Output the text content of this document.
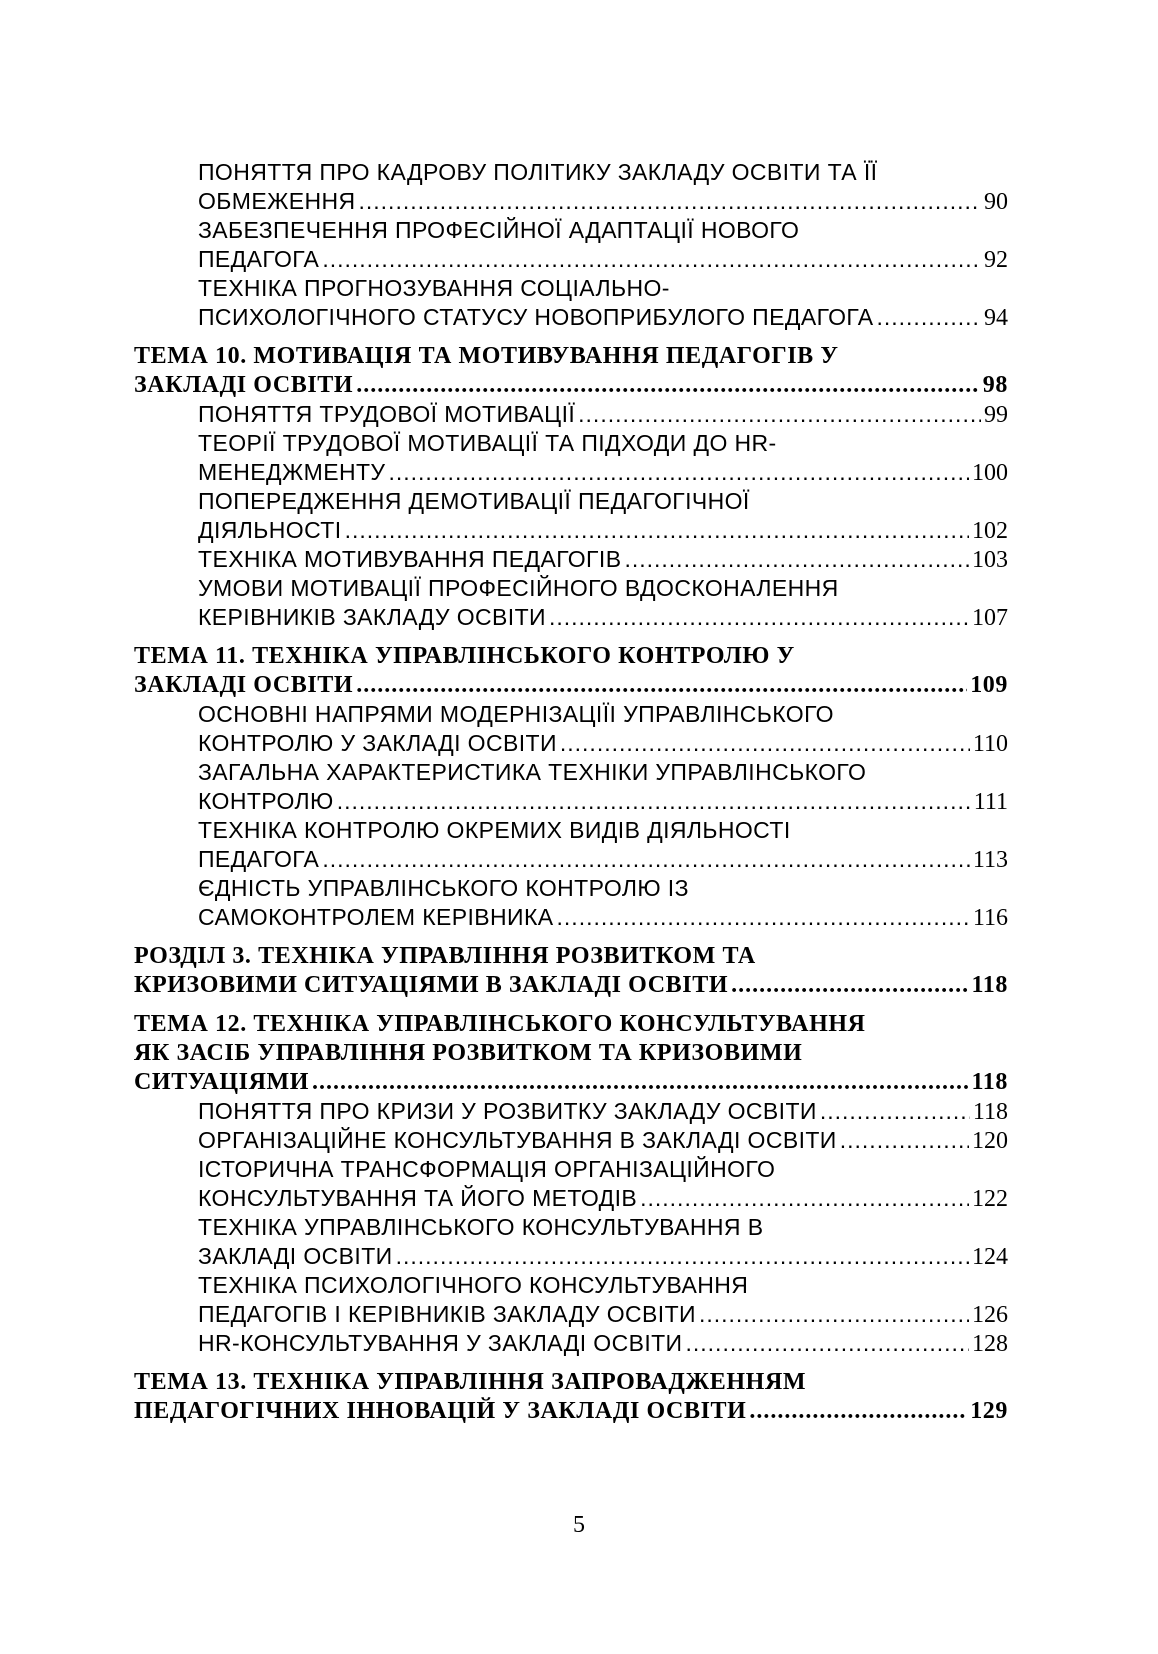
ПОНЯТТЯ ПРО КАДРОВУ ПОЛІТИКУ ЗАКЛАДУ ОСВІТИ ТА ЇЇ
ОБМЕЖЕННЯ .....	90
ЗАБЕЗПЕЧЕННЯ ПРОФЕСІЙНОЇ АДАПТАЦІЇ НОВОГО
ПЕДАГОГА .....	92
ТЕХНІКА ПРОГНОЗУВАННЯ СОЦІАЛЬНО-
ПСИХОЛОГІЧНОГО СТАТУСУ НОВОПРИБУЛОГО ПЕДАГОГА .....	94
ТЕМА 10. МОТИВАЦІЯ ТА МОТИВУВАННЯ ПЕДАГОГІВ У
ЗАКЛАДІ ОСВІТИ .....	98
ПОНЯТТЯ ТРУДОВОЇ МОТИВАЦІЇ .....	99
ТЕОРІЇ ТРУДОВОЇ МОТИВАЦІЇ ТА ПІДХОДИ ДО HR-
МЕНЕДЖМЕНТУ .....	100
ПОПЕРЕДЖЕННЯ ДЕМОТИВАЦІЇ ПЕДАГОГІЧНОЇ
ДІЯЛЬНОСТІ .....	102
ТЕХНІКА МОТИВУВАННЯ ПЕДАГОГІВ .....	103
УМОВИ МОТИВАЦІЇ ПРОФЕСІЙНОГО ВДОСКОНАЛЕННЯ
КЕРІВНИКІВ ЗАКЛАДУ ОСВІТИ .....	107
ТЕМА 11. ТЕХНІКА УПРАВЛІНСЬКОГО КОНТРОЛЮ У
ЗАКЛАДІ ОСВІТИ .....	109
ОСНОВНІ НАПРЯМИ МОДЕРНІЗАЦІЇІ УПРАВЛІНСЬКОГО
КОНТРОЛЮ У ЗАКЛАДІ ОСВІТИ .....	110
ЗАГАЛЬНА ХАРАКТЕРИСТИКА ТЕХНІКИ УПРАВЛІНСЬКОГО
КОНТРОЛЮ .....	111
ТЕХНІКА КОНТРОЛЮ ОКРЕМИХ ВИДІВ ДІЯЛЬНОСТІ
ПЕДАГОГА .....	113
ЄДНІСТЬ УПРАВЛІНСЬКОГО КОНТРОЛЮ ІЗ
САМОКОНТРОЛЕМ КЕРІВНИКА .....	116
РОЗДІЛ 3. ТЕХНІКА УПРАВЛІННЯ РОЗВИТКОМ ТА
КРИЗОВИМИ СИТУАЦІЯМИ В ЗАКЛАДІ ОСВІТИ .....	118
ТЕМА 12. ТЕХНІКА УПРАВЛІНСЬКОГО КОНСУЛЬТУВАННЯ
ЯК ЗАСІБ УПРАВЛІННЯ РОЗВИТКОМ ТА КРИЗОВИМИ
СИТУАЦІЯМИ .....	118
ПОНЯТТЯ ПРО КРИЗИ У РОЗВИТКУ ЗАКЛАДУ ОСВІТИ .....	118
ОРГАНІЗАЦІЙНЕ КОНСУЛЬТУВАННЯ В ЗАКЛАДІ ОСВІТИ .....	120
ІСТОРИЧНА ТРАНСФОРМАЦІЯ ОРГАНІЗАЦІЙНОГО
КОНСУЛЬТУВАННЯ ТА ЙОГО МЕТОДІВ .....	122
ТЕХНІКА УПРАВЛІНСЬКОГО КОНСУЛЬТУВАННЯ В
ЗАКЛАДІ ОСВІТИ .....	124
ТЕХНІКА ПСИХОЛОГІЧНОГО КОНСУЛЬТУВАННЯ
ПЕДАГОГІВ І КЕРІВНИКІВ ЗАКЛАДУ ОСВІТИ .....	126
HR-КОНСУЛЬТУВАННЯ У ЗАКЛАДІ ОСВІТИ .....	128
ТЕМА 13. ТЕХНІКА УПРАВЛІННЯ ЗАПРОВАДЖЕННЯМ
ПЕДАГОГІЧНИХ ІННОВАЦІЙ У ЗАКЛАДІ ОСВІТИ .....	129
5
